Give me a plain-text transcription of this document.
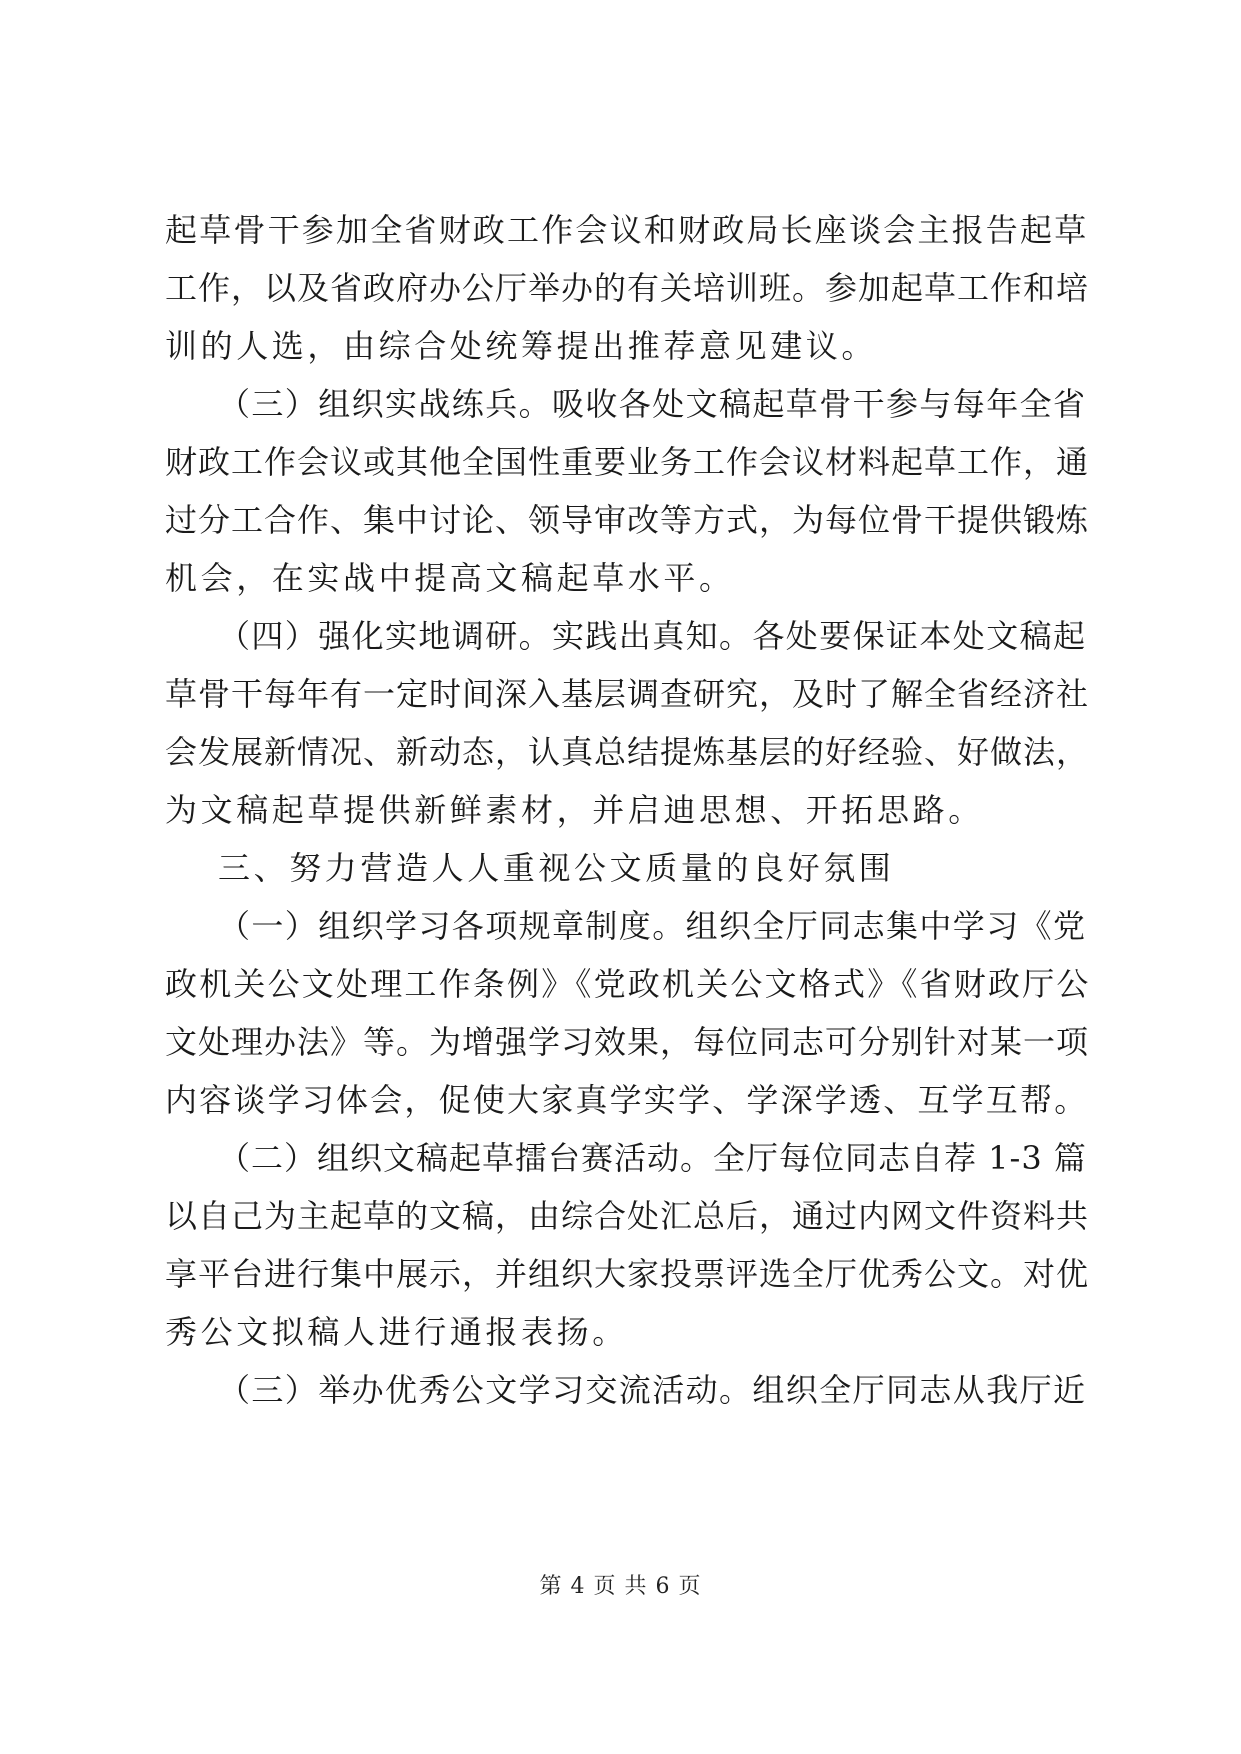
起草骨干参加全省财政工作会议和财政局长座谈会主报告起草
工作，以及省政府办公厅举办的有关培训班。参加起草工作和培
训的人选，由综合处统筹提出推荐意见建议。
（三）组织实战练兵。吸收各处文稿起草骨干参与每年全省
财政工作会议或其他全国性重要业务工作会议材料起草工作，通
过分工合作、集中讨论、领导审改等方式，为每位骨干提供锻炼
机会，在实战中提高文稿起草水平。
（四）强化实地调研。实践出真知。各处要保证本处文稿起
草骨干每年有一定时间深入基层调查研究，及时了解全省经济社
会发展新情况、新动态，认真总结提炼基层的好经验、好做法，
为文稿起草提供新鲜素材，并启迪思想、开拓思路。
三、努力营造人人重视公文质量的良好氛围
（一）组织学习各项规章制度。组织全厅同志集中学习《党
政机关公文处理工作条例》《党政机关公文格式》《省财政厅公
文处理办法》等。为增强学习效果，每位同志可分别针对某一项
内容谈学习体会，促使大家真学实学、学深学透、互学互帮。
（二）组织文稿起草擂台赛活动。全厅每位同志自荐 1-3 篇
以自己为主起草的文稿，由综合处汇总后，通过内网文件资料共
享平台进行集中展示，并组织大家投票评选全厅优秀公文。对优
秀公文拟稿人进行通报表扬。
（三）举办优秀公文学习交流活动。组织全厅同志从我厅近
第 4 页 共 6 页
